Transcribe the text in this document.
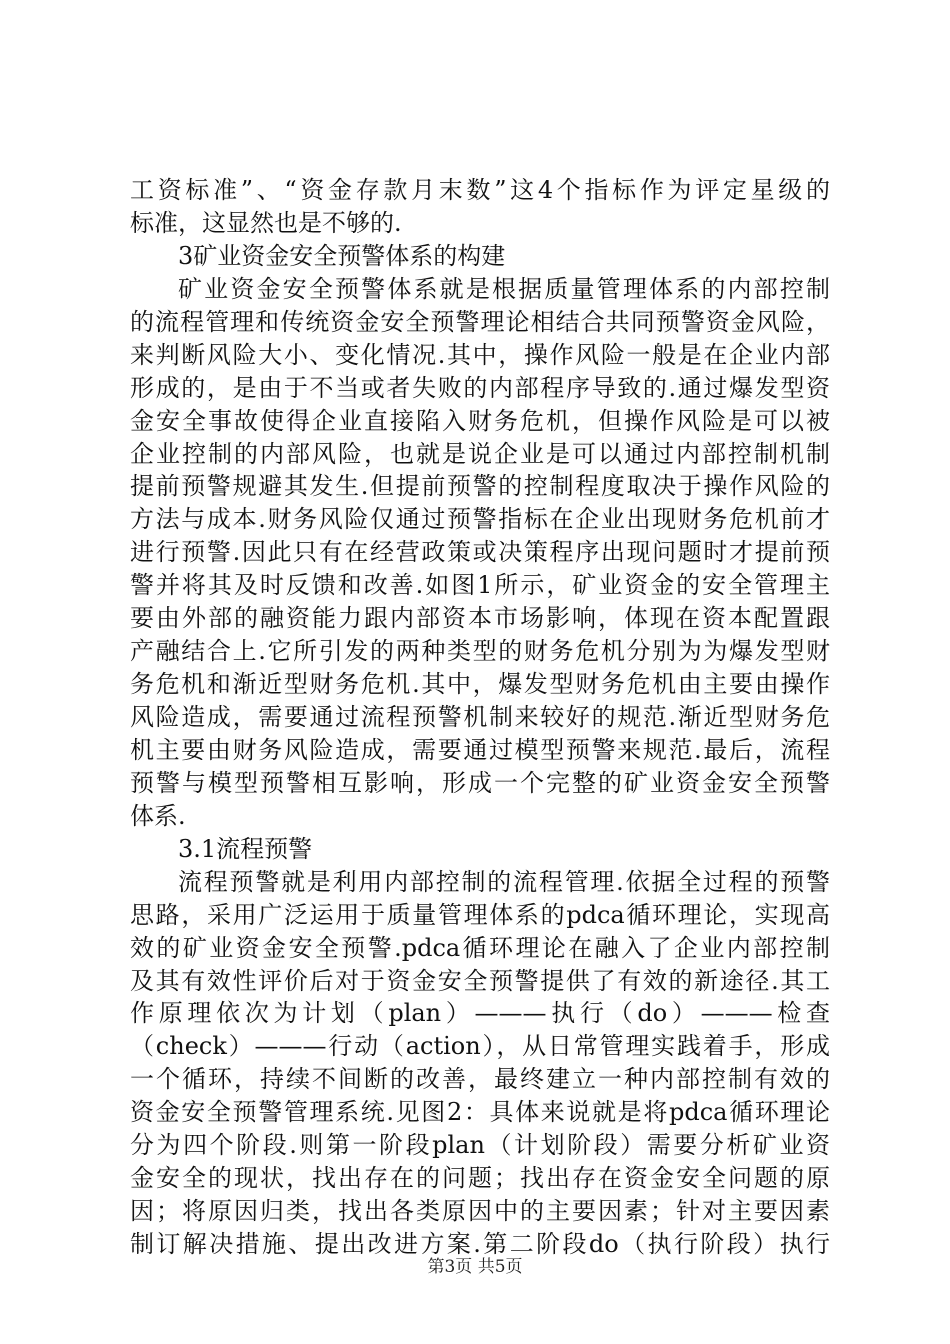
工资标准”、“资金存款月末数”这4个指标作为评定星级的
标准，这显然也是不够的.
3矿业资金安全预警体系的构建
矿业资金安全预警体系就是根据质量管理体系的内部控制
的流程管理和传统资金安全预警理论相结合共同预警资金风险，
来判断风险大小、变化情况.其中，操作风险一般是在企业内部
形成的，是由于不当或者失败的内部程序导致的.通过爆发型资
金安全事故使得企业直接陷入财务危机，但操作风险是可以被
企业控制的内部风险，也就是说企业是可以通过内部控制机制
提前预警规避其发生.但提前预警的控制程度取决于操作风险的
方法与成本.财务风险仅通过预警指标在企业出现财务危机前才
进行预警.因此只有在经营政策或决策程序出现问题时才提前预
警并将其及时反馈和改善.如图1所示，矿业资金的安全管理主
要由外部的融资能力跟内部资本市场影响，体现在资本配置跟
产融结合上.它所引发的两种类型的财务危机分别为为爆发型财
务危机和渐近型财务危机.其中，爆发型财务危机由主要由操作
风险造成，需要通过流程预警机制来较好的规范.渐近型财务危
机主要由财务风险造成，需要通过模型预警来规范.最后，流程
预警与模型预警相互影响，形成一个完整的矿业资金安全预警
体系.
3.1流程预警
流程预警就是利用内部控制的流程管理.依据全过程的预警
思路，采用广泛运用于质量管理体系的pdca循环理论，实现高
效的矿业资金安全预警.pdca循环理论在融入了企业内部控制
及其有效性评价后对于资金安全预警提供了有效的新途径.其工
作原理依次为计划（plan）———执行（do）———检查
（check）———行动（action），从日常管理实践着手，形成
一个循环，持续不间断的改善，最终建立一种内部控制有效的
资金安全预警管理系统.见图2：具体来说就是将pdca循环理论
分为四个阶段.则第一阶段plan（计划阶段）需要分析矿业资
金安全的现状，找出存在的问题；找出存在资金安全问题的原
因；将原因归类，找出各类原因中的主要因素；针对主要因素
制订解决措施、提出改进方案.第二阶段do（执行阶段）执行
第3页 共5页
